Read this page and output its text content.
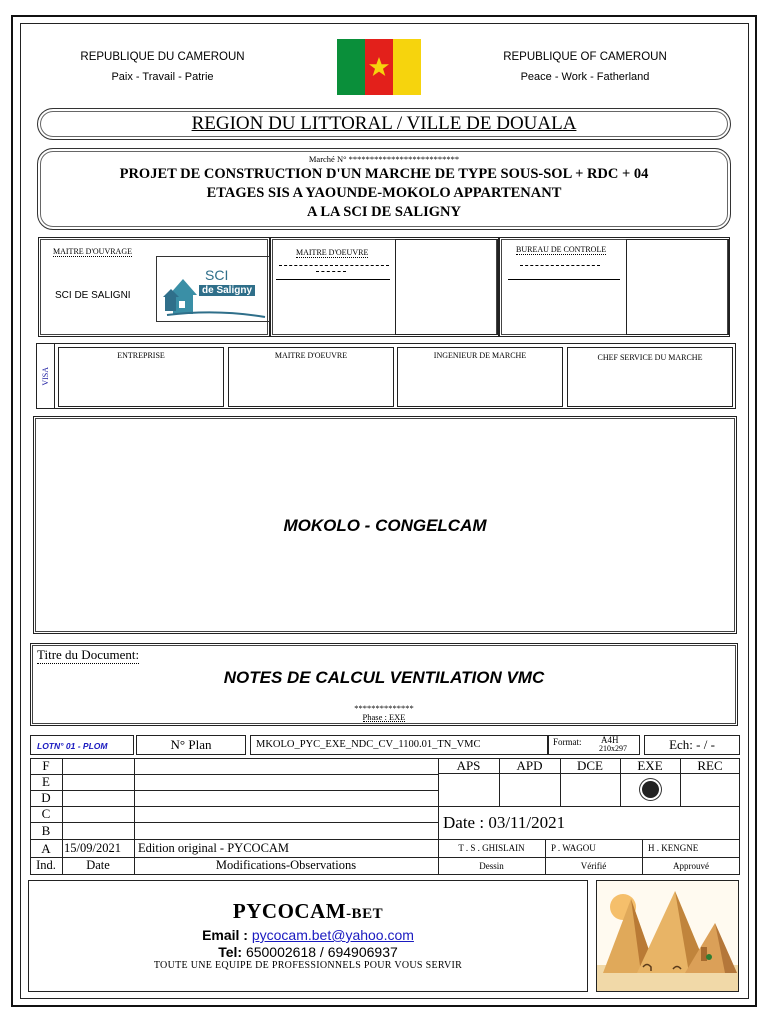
REPUBLIQUE DU CAMEROUN
Paix - Travail - Patrie
REPUBLIQUE OF CAMEROUN
Peace - Work - Fatherland
REGION DU LITTORAL / VILLE DE DOUALA
Marché N° **************************
PROJET DE CONSTRUCTION D'UN MARCHE DE TYPE SOUS-SOL + RDC + 04
ETAGES SIS A YAOUNDE-MOKOLO APPARTENANT
A LA SCI DE SALIGNY
MAITRE D'OUVRAGE
SCI DE SALIGNI
SCI
de Saligny
MAITRE D'OEUVRE	BUREAU DE CONTROLE
VISA
ENTREPRISE	MAITRE D'OEUVRE	INGENIEUR DE MARCHE	CHEF SERVICE DU MARCHE
MOKOLO - CONGELCAM
Titre du Document:
NOTES DE CALCUL VENTILATION VMC
**************
Phase : EXE
LOTN° 01 - PLOM	N° Plan	MKOLO_PYC_EXE_NDC_CV_1100.01_TN_VMC	Format: A4H
210x297	Ech: - / -
F
E
D
C
B
A	15/09/2021	Edition original - PYCOCAM
Ind.	Date	Modifications-Observations
APS	APD	DCE	EXE	REC
Date : 03/11/2021
T . S . GHISLAIN	P . WAGOU	H . KENGNE
Dessin	Vérifié	Approuvé
PYCOCAM-BET
Email : pycocam.bet@yahoo.com
Tel: 650002618 / 694906937
TOUTE UNE EQUIPE DE PROFESSIONNELS POUR VOUS SERVIR
